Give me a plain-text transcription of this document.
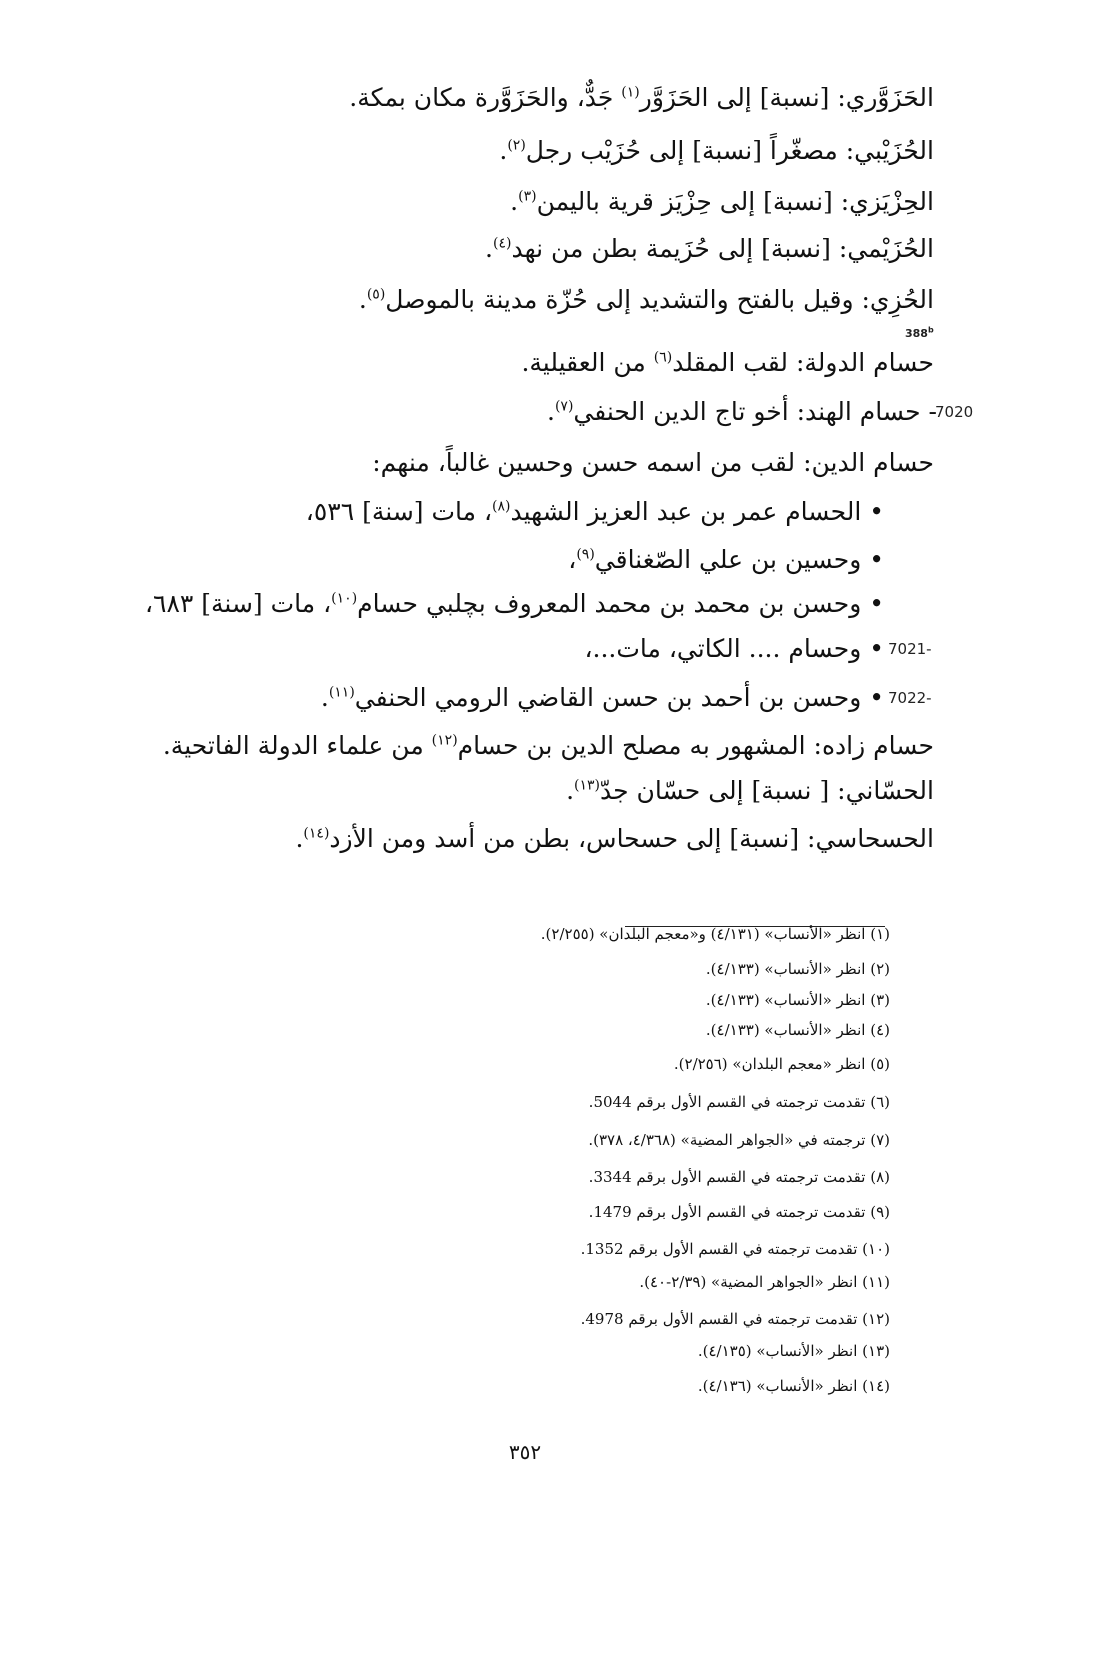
الحَزَوَّري: [نسبة] إلى الحَزَوَّر$^{(١)}$ جَدٌّ، والحَزَوَّرة مكان بمكة.
الحُزَيْبي: مصغّراً [نسبة] إلى حُزَيْب رجل$^{(٢)}$.
الحِزْيَزي: [نسبة] إلى حِزْيَز قرية باليمن$^{(٣)}$.
الحُزَيْمي: [نسبة] إلى حُزَيمة بطن من نهد$^{(٤)}$.
الحُزِي: وقيل بالفتح والتشديد إلى حُزّة مدينة بالموصل$^{(٥)}$.
388$^b$
حسام الدولة: لقب المقلد$^{(٦)}$ من العقيلية.
7020
- حسام الهند: أخو تاج الدين الحنفي$^{(٧)}$.
حسام الدين: لقب من اسمه حسن وحسين غالباً، منهم:
• الحسام عمر بن عبد العزيز الشهيد$^{(٨)}$، مات [سنة] ٥٣٦،
• وحسين بن علي الصّغناقي$^{(٩)}$،
• وحسن بن محمد بن محمد المعروف بچلبي حسام$^{(١٠)}$، مات [سنة] ٦٨٣،
7021-
• وحسام .... الكاتي، مات...،
7022-
• وحسن بن أحمد بن حسن القاضي الرومي الحنفي$^{(١١)}$.
حسام زاده: المشهور به مصلح الدين بن حسام$^{(١٢)}$ من علماء الدولة الفاتحية.
الحسّاني: [ نسبة] إلى حسّان جدّ$^{(١٣)}$.
الحسحاسي: [نسبة] إلى حسحاس، بطن من أسد ومن الأزد$^{(١٤)}$.
(١) انظر «الأنساب» (٤/١٣١) و«معجم البلدان» (٢/٢٥٥).
(٢) انظر «الأنساب» (٤/١٣٣).
(٣) انظر «الأنساب» (٤/١٣٣).
(٤) انظر «الأنساب» (٤/١٣٣).
(٥) انظر «معجم البلدان» (٢/٢٥٦).
(٦) تقدمت ترجمته في القسم الأول برقم 5044.
(٧) ترجمته في «الجواهر المضية» (٤/٣٦٨، ٣٧٨).
(٨) تقدمت ترجمته في القسم الأول برقم 3344.
(٩) تقدمت ترجمته في القسم الأول برقم 1479.
(١٠) تقدمت ترجمته في القسم الأول برقم 1352.
(١١) انظر «الجواهر المضية» (٢/٣٩-٤٠).
(١٢) تقدمت ترجمته في القسم الأول برقم 4978.
(١٣) انظر «الأنساب» (٤/١٣٥).
(١٤) انظر «الأنساب» (٤/١٣٦).
٣٥٢
